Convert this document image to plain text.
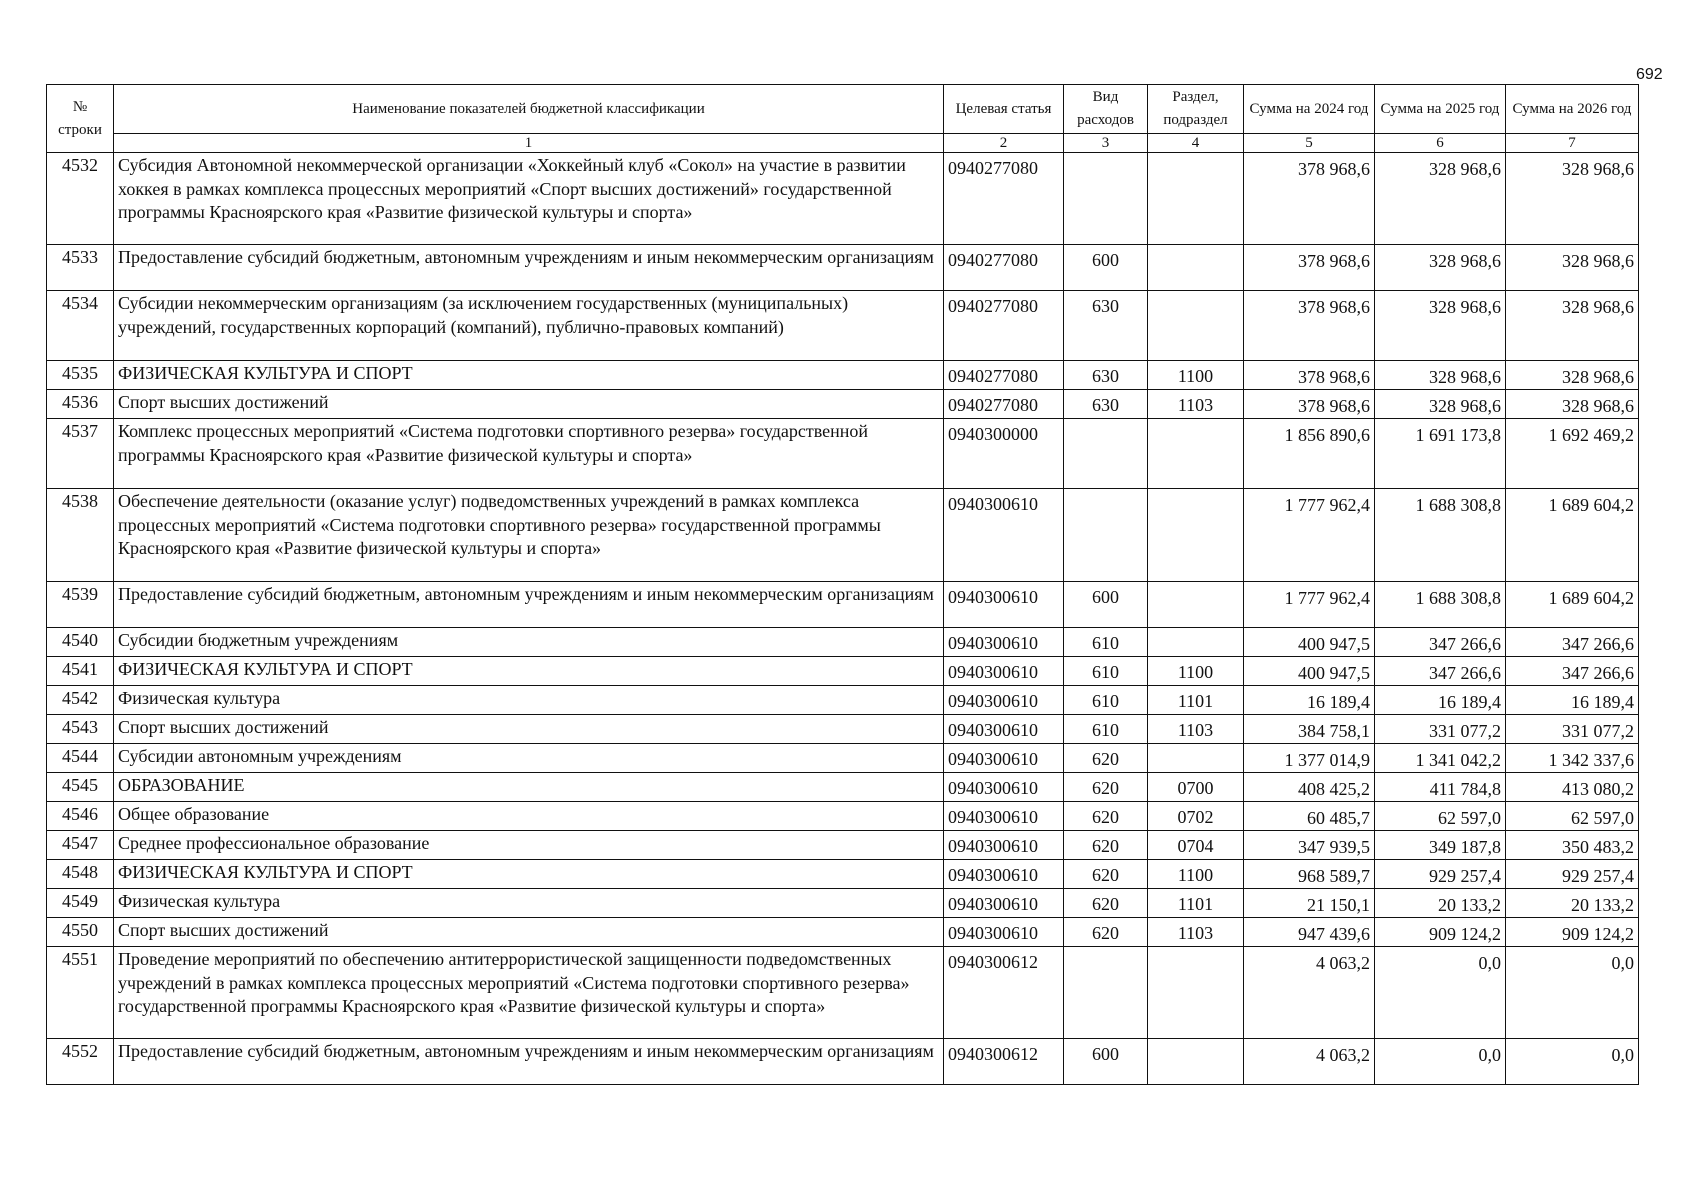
692
№ строки	Наименование показателей бюджетной классификации	Целевая статья	Вид расходов	Раздел, подраздел	Сумма на 2024 год	Сумма на 2025 год	Сумма на 2026 год
	1	2	3	4	5	6	7
4532	Субсидия Автономной некоммерческой организации «Хоккейный клуб «Сокол» на участие в развитии хоккея в рамках комплекса процессных мероприятий «Спорт высших достижений» государственной программы Красноярского края «Развитие физической культуры и спорта»	0940277080			378 968,6	328 968,6	328 968,6
4533	Предоставление субсидий бюджетным, автономным учреждениям и иным некоммерческим организациям	0940277080	600		378 968,6	328 968,6	328 968,6
4534	Субсидии некоммерческим организациям (за исключением государственных (муниципальных) учреждений, государственных корпораций (компаний), публично-правовых компаний)	0940277080	630		378 968,6	328 968,6	328 968,6
4535	ФИЗИЧЕСКАЯ КУЛЬТУРА И СПОРТ	0940277080	630	1100	378 968,6	328 968,6	328 968,6
4536	Спорт высших достижений	0940277080	630	1103	378 968,6	328 968,6	328 968,6
4537	Комплекс процессных мероприятий «Система подготовки спортивного резерва» государственной программы Красноярского края «Развитие физической культуры и спорта»	0940300000			1 856 890,6	1 691 173,8	1 692 469,2
4538	Обеспечение деятельности (оказание услуг) подведомственных учреждений в рамках комплекса процессных мероприятий «Система подготовки спортивного резерва» государственной программы Красноярского края «Развитие физической культуры и спорта»	0940300610			1 777 962,4	1 688 308,8	1 689 604,2
4539	Предоставление субсидий бюджетным, автономным учреждениям и иным некоммерческим организациям	0940300610	600		1 777 962,4	1 688 308,8	1 689 604,2
4540	Субсидии бюджетным учреждениям	0940300610	610		400 947,5	347 266,6	347 266,6
4541	ФИЗИЧЕСКАЯ КУЛЬТУРА И СПОРТ	0940300610	610	1100	400 947,5	347 266,6	347 266,6
4542	Физическая культура	0940300610	610	1101	16 189,4	16 189,4	16 189,4
4543	Спорт высших достижений	0940300610	610	1103	384 758,1	331 077,2	331 077,2
4544	Субсидии автономным учреждениям	0940300610	620		1 377 014,9	1 341 042,2	1 342 337,6
4545	ОБРАЗОВАНИЕ	0940300610	620	0700	408 425,2	411 784,8	413 080,2
4546	Общее образование	0940300610	620	0702	60 485,7	62 597,0	62 597,0
4547	Среднее профессиональное образование	0940300610	620	0704	347 939,5	349 187,8	350 483,2
4548	ФИЗИЧЕСКАЯ КУЛЬТУРА И СПОРТ	0940300610	620	1100	968 589,7	929 257,4	929 257,4
4549	Физическая культура	0940300610	620	1101	21 150,1	20 133,2	20 133,2
4550	Спорт высших достижений	0940300610	620	1103	947 439,6	909 124,2	909 124,2
4551	Проведение мероприятий по обеспечению антитеррористической защищенности подведомственных учреждений в рамках комплекса процессных мероприятий «Система подготовки спортивного резерва» государственной программы Красноярского края «Развитие физической культуры и спорта»	0940300612			4 063,2	0,0	0,0
4552	Предоставление субсидий бюджетным, автономным учреждениям и иным некоммерческим организациям	0940300612	600		4 063,2	0,0	0,0
